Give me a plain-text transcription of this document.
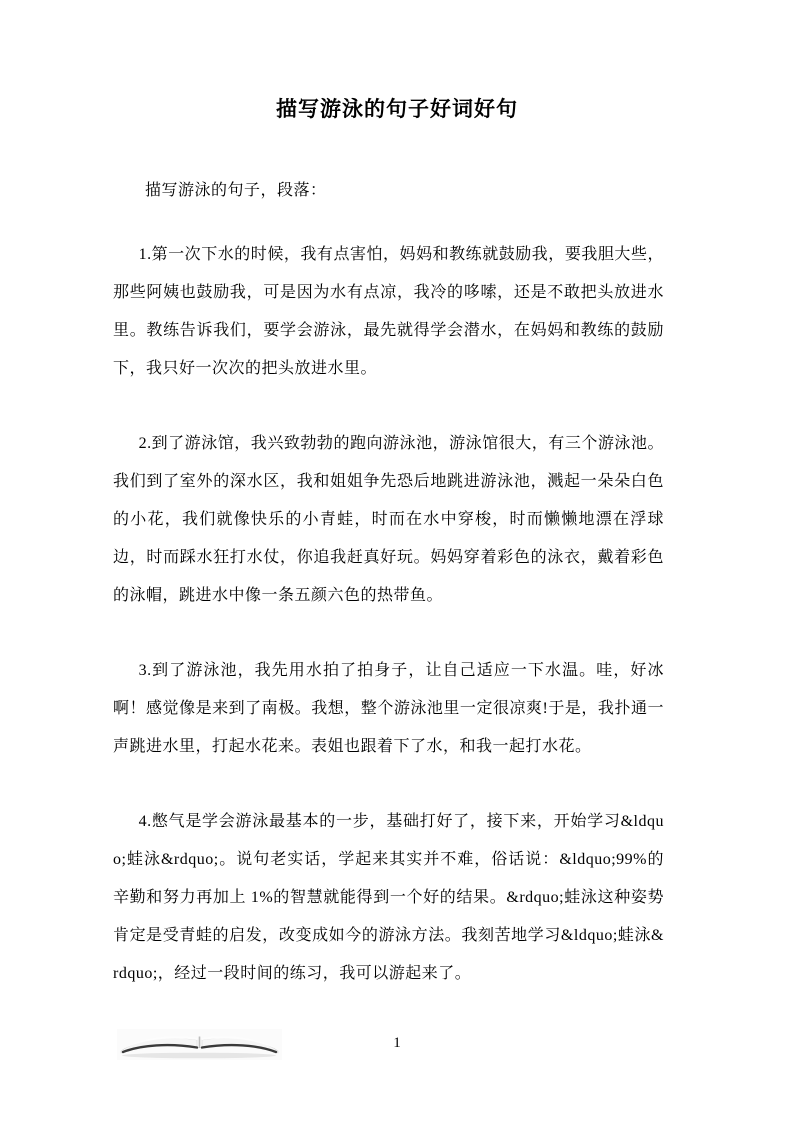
描写游泳的句子好词好句

描写游泳的句子，段落：

1.第一次下水的时候，我有点害怕，妈妈和教练就鼓励我，要我胆大些，那些阿姨也鼓励我，可是因为水有点凉，我冷的哆嗦，还是不敢把头放进水里。教练告诉我们，要学会游泳，最先就得学会潜水，在妈妈和教练的鼓励下，我只好一次次的把头放进水里。

2.到了游泳馆，我兴致勃勃的跑向游泳池，游泳馆很大，有三个游泳池。我们到了室外的深水区，我和姐姐争先恐后地跳进游泳池，溅起一朵朵白色的小花，我们就像快乐的小青蛙，时而在水中穿梭，时而懒懒地漂在浮球边，时而踩水狂打水仗，你追我赶真好玩。妈妈穿着彩色的泳衣，戴着彩色的泳帽，跳进水中像一条五颜六色的热带鱼。

3.到了游泳池，我先用水拍了拍身子，让自己适应一下水温。哇，好冰啊！感觉像是来到了南极。我想，整个游泳池里一定很凉爽!于是，我扑通一声跳进水里，打起水花来。表姐也跟着下了水，和我一起打水花。

4.憋气是学会游泳最基本的一步，基础打好了，接下来，开始学习&ldquo;蛙泳&rdquo;。说句老实话，学起来其实并不难，俗话说：&ldquo;99%的辛勤和努力再加上 1%的智慧就能得到一个好的结果。&rdquo;蛙泳这种姿势肯定是受青蛙的启发，改变成如今的游泳方法。我刻苦地学习&ldquo;蛙泳&rdquo;，经过一段时间的练习，我可以游起来了。

1
